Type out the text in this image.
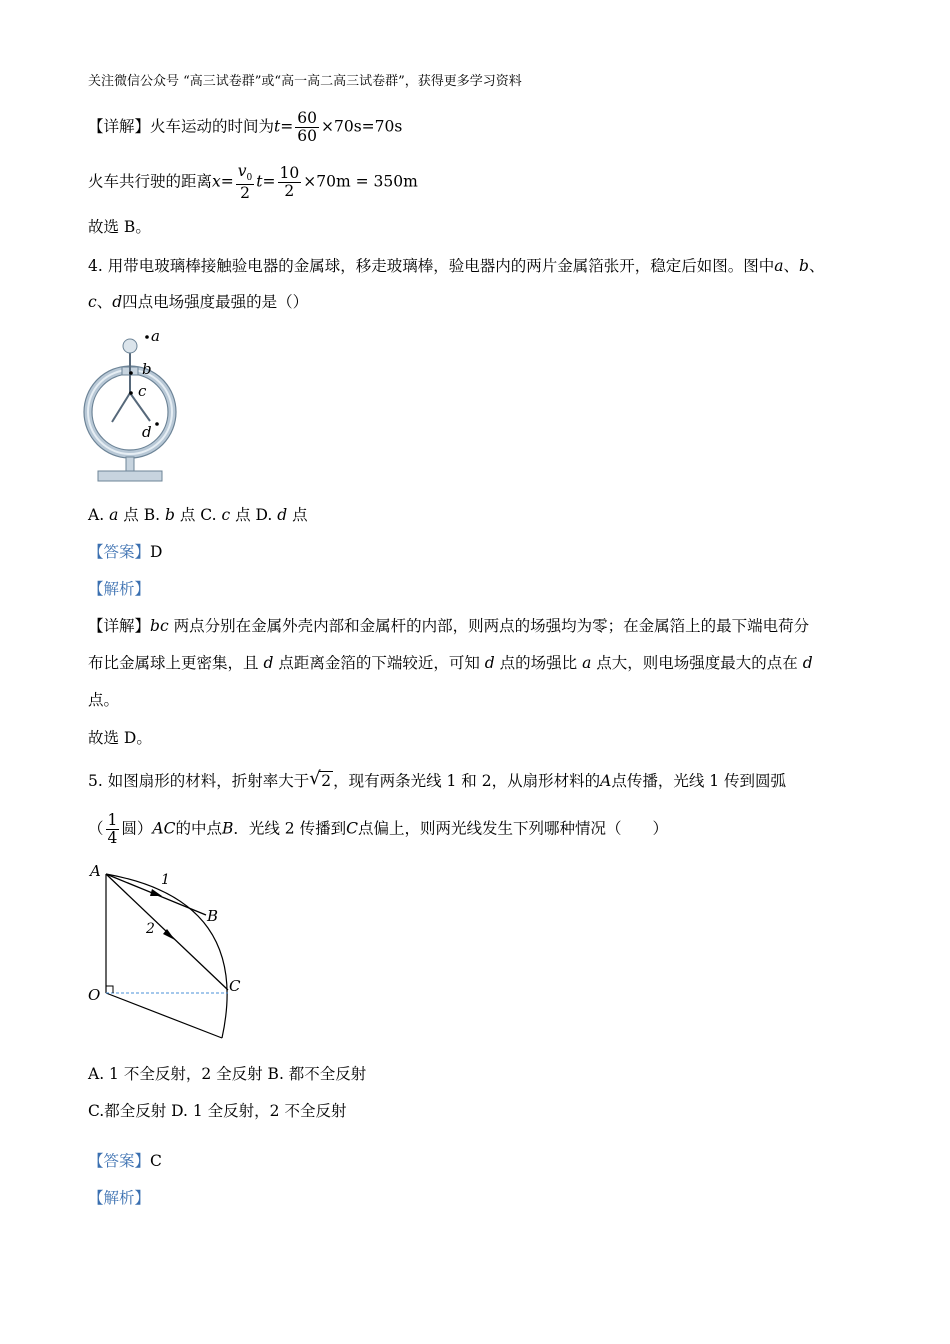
关注微信公众号 “高三试卷群”或“高一高二高三试卷群”，获得更多学习资料
【详解】火车运动的时间为$t= \frac{60}{60} \times 70s=70s$
火车共行驶的距离$x= \frac{v_0}{2} t= \frac{10}{2} \times 70m = 350m$
故选 B。
4. 用带电玻璃棒接触验电器的金属球，移走玻璃棒，验电器内的两片金属箔张开，稳定后如图。图中a、b、
c、d四点电场强度最强的是（）
a
b
c
d
A. a 点 B. b 点 C. c 点 D. d 点
【答案】D
【解析】
【详解】bc 两点分别在金属外壳内部和金属杆的内部，则两点的场强均为零；在金属箔上的最下端电荷分
布比金属球上更密集，且 d 点距离金箔的下端较近，可知 d 点的场强比 a 点大，则电场强度最大的点在 d
点。
故选 D。
5. 如图扇形的材料，折射率大于 √ 2 ，现有两条光线 1 和 2，从扇形材料的A点传播，光线 1 传到圆弧
（ $\frac{1}{4}$ 圆）AC的中点B．光线 2 传播到C点偏上，则两光线发生下列哪种情况（　　）
A
B
C
O
1
2
A. 1 不全反射，2 全反射 B. 都不全反射
C.都全反射 D. 1 全反射，2 不全反射
【答案】C
【解析】
